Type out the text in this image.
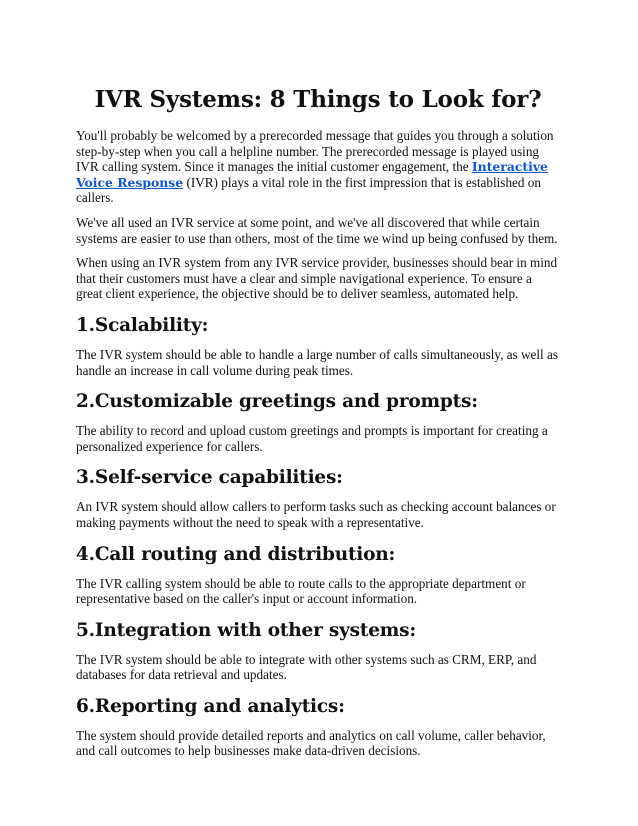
IVR Systems: 8 Things to Look for?

You'll probably be welcomed by a prerecorded message that guides you through a solution step-by-step when you call a helpline number. The prerecorded message is played using IVR calling system. Since it manages the initial customer engagement, the Interactive Voice Response (IVR) plays a vital role in the first impression that is established on callers.

We've all used an IVR service at some point, and we've all discovered that while certain systems are easier to use than others, most of the time we wind up being confused by them.

When using an IVR system from any IVR service provider, businesses should bear in mind that their customers must have a clear and simple navigational experience. To ensure a great client experience, the objective should be to deliver seamless, automated help.

1.Scalability:

The IVR system should be able to handle a large number of calls simultaneously, as well as handle an increase in call volume during peak times.

2.Customizable greetings and prompts:

The ability to record and upload custom greetings and prompts is important for creating a personalized experience for callers.

3.Self-service capabilities:

An IVR system should allow callers to perform tasks such as checking account balances or making payments without the need to speak with a representative.

4.Call routing and distribution:

The IVR calling system should be able to route calls to the appropriate department or representative based on the caller's input or account information.

5.Integration with other systems:

The IVR system should be able to integrate with other systems such as CRM, ERP, and databases for data retrieval and updates.

6.Reporting and analytics:

The system should provide detailed reports and analytics on call volume, caller behavior, and call outcomes to help businesses make data-driven decisions.
